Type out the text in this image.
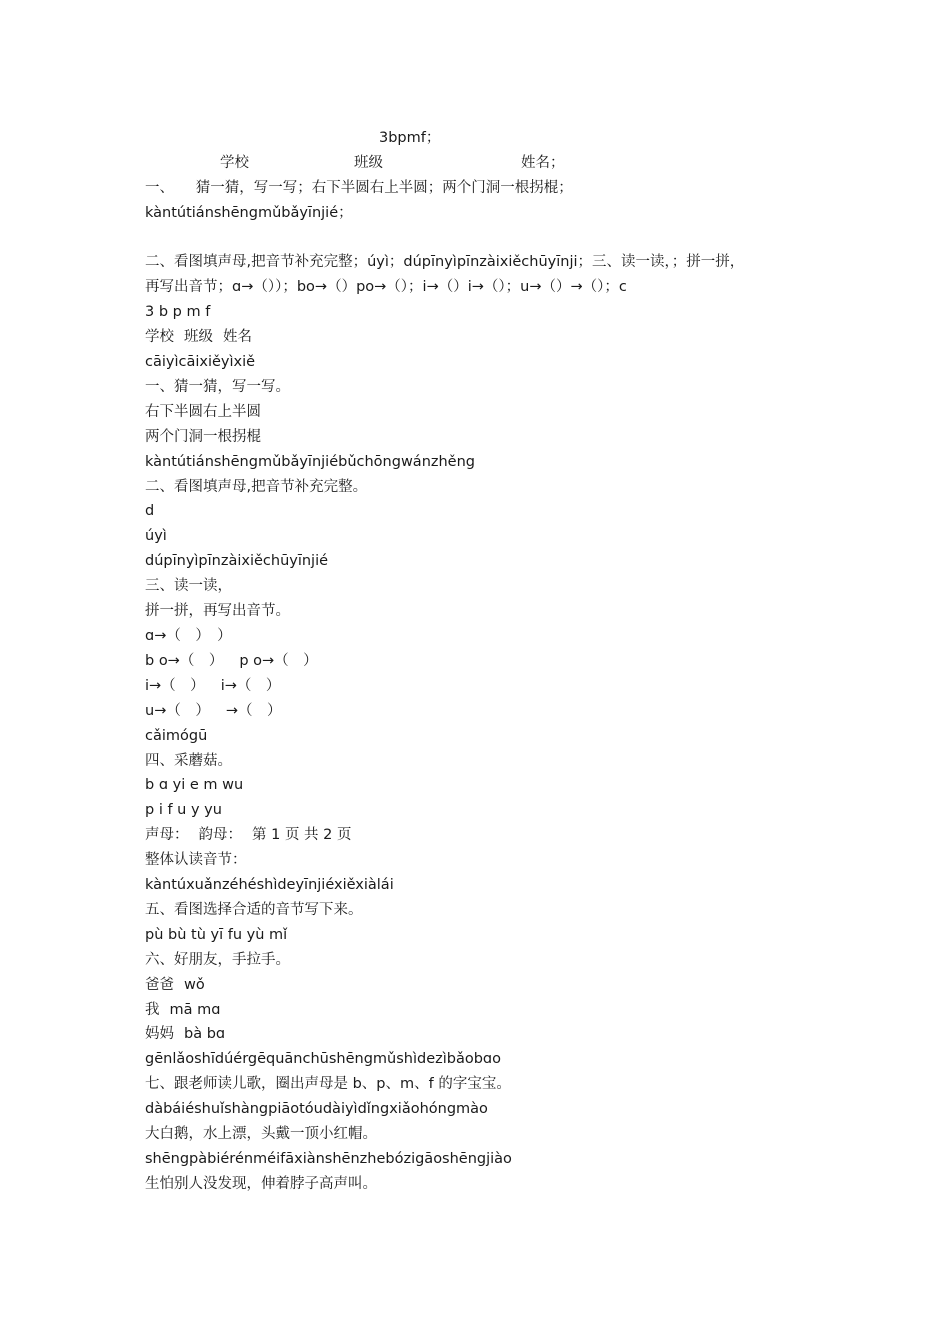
3bpmf；
学校	班级	姓名；
一、　　猜一猜，写一写；右下半圆右上半圆；两个门洞一根拐棍；
kàntútiánshēngmǔbǎyīnjié；
二、看图填声母,把音节补充完整；úyì；dúpīnyìpīnzàixiěchūyīnji；三、读一读，；拼一拼，
再写出音节；ɑ→（））；bo→（）po→（）；i→（）i→（）；u→（）→（）；c
3 b p m f
学校 班级 姓名
cāiyìcāixiěyìxiě
一、猜一猜，写一写。
右下半圆右上半圆
两个门洞一根拐棍
kàntútiánshēngmǔbǎyīnjiébǔchōngwánzhěng
二、看图填声母,把音节补充完整。
d
úyì
dúpīnyìpīnzàixiěchūyīnjié
三、读一读，
拼一拼，再写出音节。
ɑ→（　）　）
b o→（　） p o→（　）
i→（　） i→（　）
u→（　） →（　）
cǎimógū
四、采蘑菇。
b ɑ yi e m wu
p i f u y yu
声母： 韵母： 第 1 页 共 2 页
整体认读音节：
kàntúxuǎnzéhéshìdeyīnjiéxiěxiàlái
五、看图选择合适的音节写下来。
pù bù tù yī fu yù mǐ
六、好朋友，手拉手。
爸爸 wǒ
我 mā mɑ
妈妈 bà bɑ
gēnlǎoshīdúérgēquānchūshēngmǔshìdezìbǎobɑo
七、跟老师读儿歌，圈出声母是 b、p、m、f 的字宝宝。
dàbáiéshuǐshàngpiāotóudàiyìdǐngxiǎohóngmào
大白鹅，水上漂，头戴一顶小红帽。
shēngpàbiérénméifāxiànshēnzhebózigāoshēngjiào
生怕别人没发现，伸着脖子高声叫。
